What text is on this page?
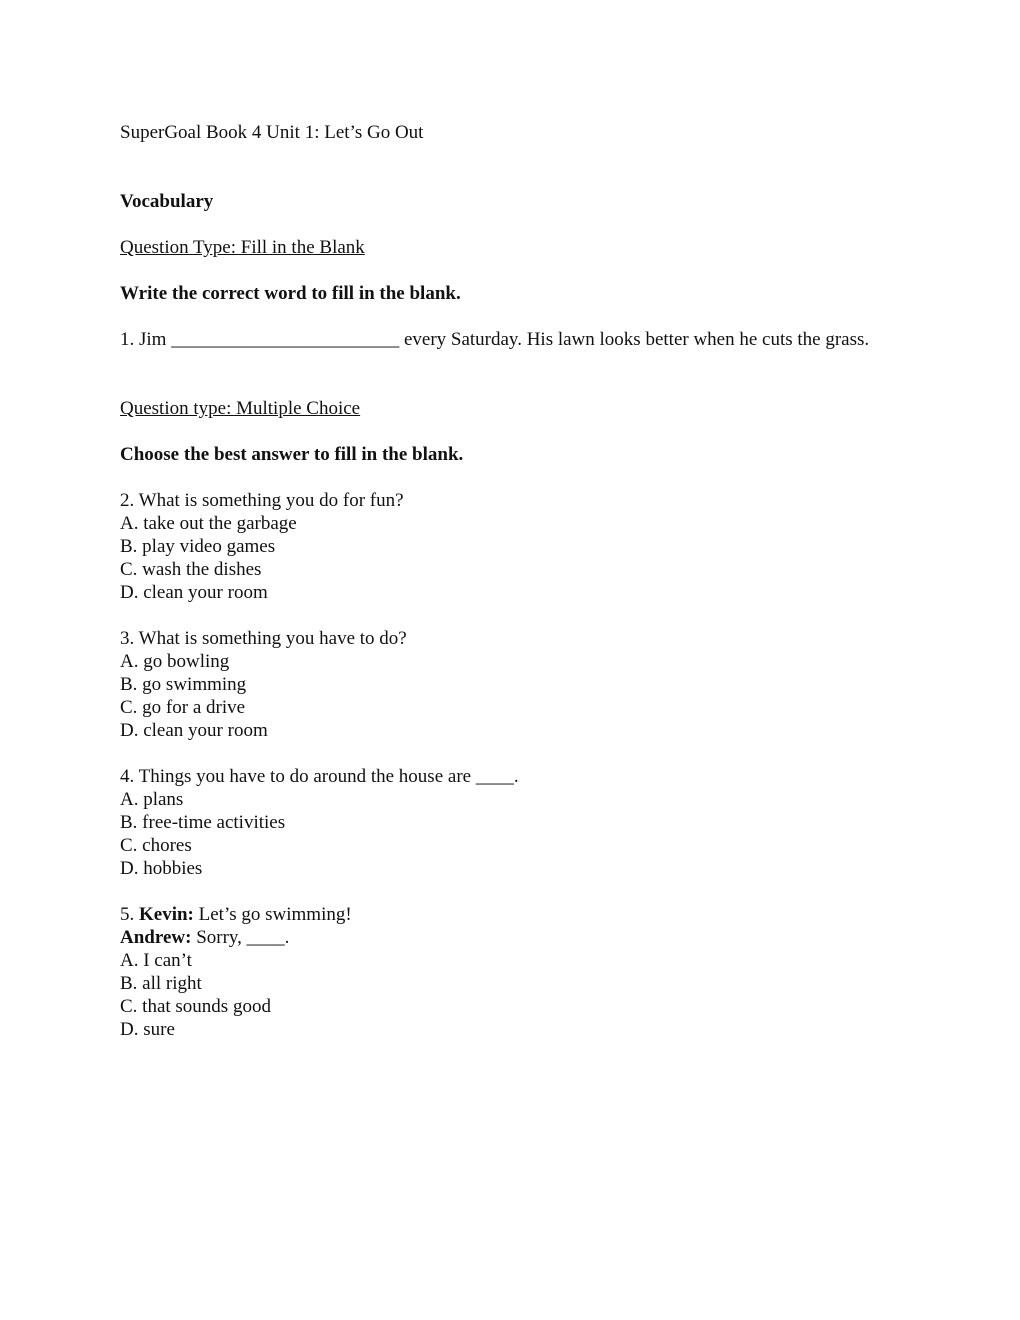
SuperGoal Book 4 Unit 1: Let’s Go Out

Vocabulary

Question Type: Fill in the Blank

Write the correct word to fill in the blank.

1. Jim ________________________ every Saturday. His lawn looks better when he cuts the grass.

Question type: Multiple Choice

Choose the best answer to fill in the blank.

2. What is something you do for fun?

A. take out the garbage

B. play video games

C. wash the dishes

D. clean your room

3. What is something you have to do?

A. go bowling

B. go swimming

C. go for a drive

D. clean your room

4. Things you have to do around the house are ____.

A. plans

B. free-time activities

C. chores

D. hobbies

5. Kevin: Let’s go swimming!

Andrew: Sorry, ____.

A. I can’t

B. all right

C. that sounds good

D. sure
